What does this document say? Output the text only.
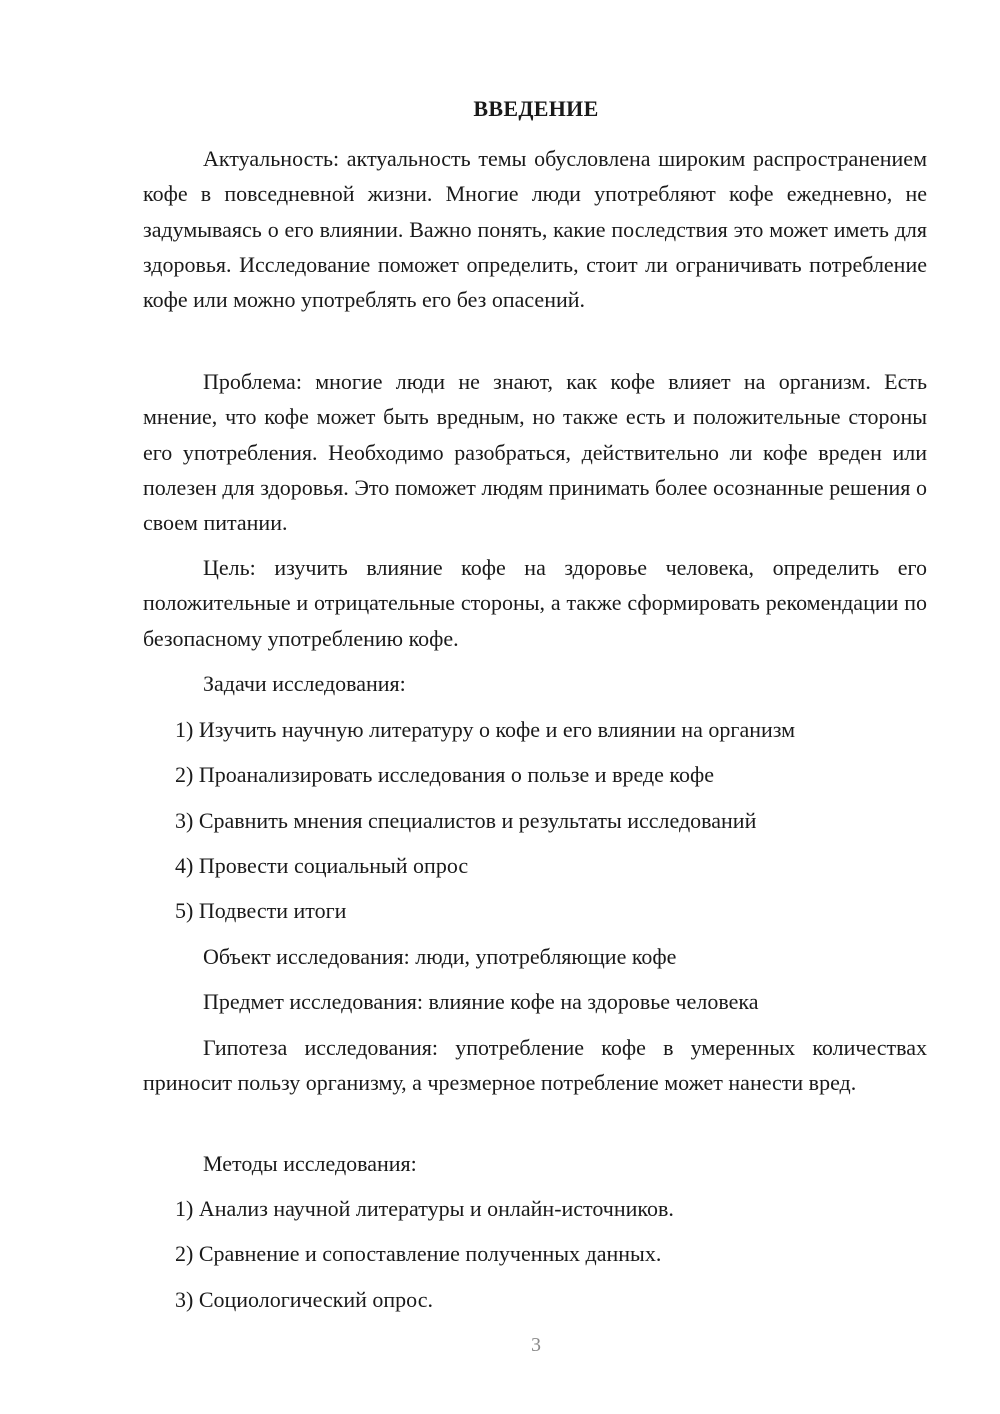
ВВЕДЕНИЕ

Актуальность: актуальность темы обусловлена широким распространением кофе в повседневной жизни. Многие люди употребляют кофе ежедневно, не задумываясь о его влиянии. Важно понять, какие последствия это может иметь для здоровья. Исследование поможет определить, стоит ли ограничивать потребление кофе или можно употреблять его без опасений.

Проблема: многие люди не знают, как кофе влияет на организм. Есть мнение, что кофе может быть вредным, но также есть и положительные стороны его употребления. Необходимо разобраться, действительно ли кофе вреден или полезен для здоровья. Это поможет людям принимать более осознанные решения о своем питании.

Цель: изучить влияние кофе на здоровье человека, определить его положительные и отрицательные стороны, а также сформировать рекомендации по безопасному употреблению кофе.

Задачи исследования:
1) Изучить научную литературу о кофе и его влиянии на организм
2) Проанализировать исследования о пользе и вреде кофе
3) Сравнить мнения специалистов и результаты исследований
4) Провести социальный опрос
5) Подвести итоги
Объект исследования: люди, употребляющие кофе
Предмет исследования: влияние кофе на здоровье человека

Гипотеза исследования: употребление кофе в умеренных количествах приносит пользу организму, а чрезмерное потребление может нанести вред.

Методы исследования:
1) Анализ научной литературы и онлайн-источников.
2) Сравнение и сопоставление полученных данных.
3) Социологический опрос.
3
